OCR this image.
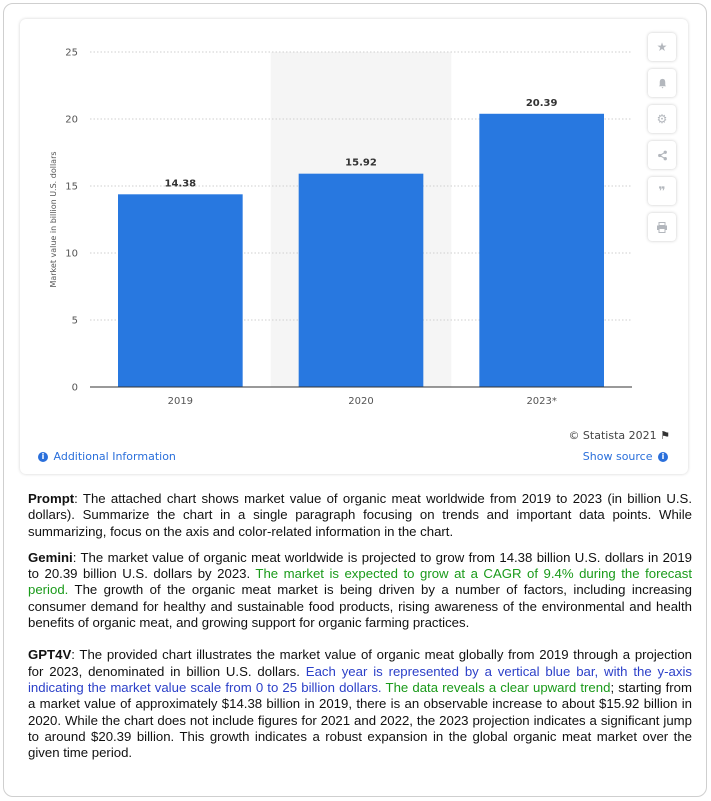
0
5
10
15
20
25
14.38
2019
15.92
2020
20.39
2023*
Market value in billion U.S. dollars
★
⚙
❞
© Statista 2021 ⚑
i Additional Information	Show source i

Prompt: The attached chart shows market value of organic meat worldwide from 2019 to 2023 (in billion U.S. dollars). Summarize the chart in a single paragraph focusing on trends and important data points. While summarizing, focus on the axis and color-related information in the chart.

Gemini: The market value of organic meat worldwide is projected to grow from 14.38 billion U.S. dollars in 2019 to 20.39 billion U.S. dollars by 2023. The market is expected to grow at a CAGR of 9.4% during the forecast period. The growth of the organic meat market is being driven by a number of factors, including increasing consumer demand for healthy and sustainable food products, rising awareness of the environmental and health benefits of organic meat, and growing support for organic farming practices.

GPT4V: The provided chart illustrates the market value of organic meat globally from 2019 through a projection for 2023, denominated in billion U.S. dollars. Each year is represented by a vertical blue bar, with the y-axis indicating the market value scale from 0 to 25 billion dollars. The data reveals a clear upward trend; starting from a market value of approximately $14.38 billion in 2019, there is an observable increase to about $15.92 billion in 2020. While the chart does not include figures for 2021 and 2022, the 2023 projection indicates a significant jump to around $20.39 billion. This growth indicates a robust expansion in the global organic meat market over the given time period.
